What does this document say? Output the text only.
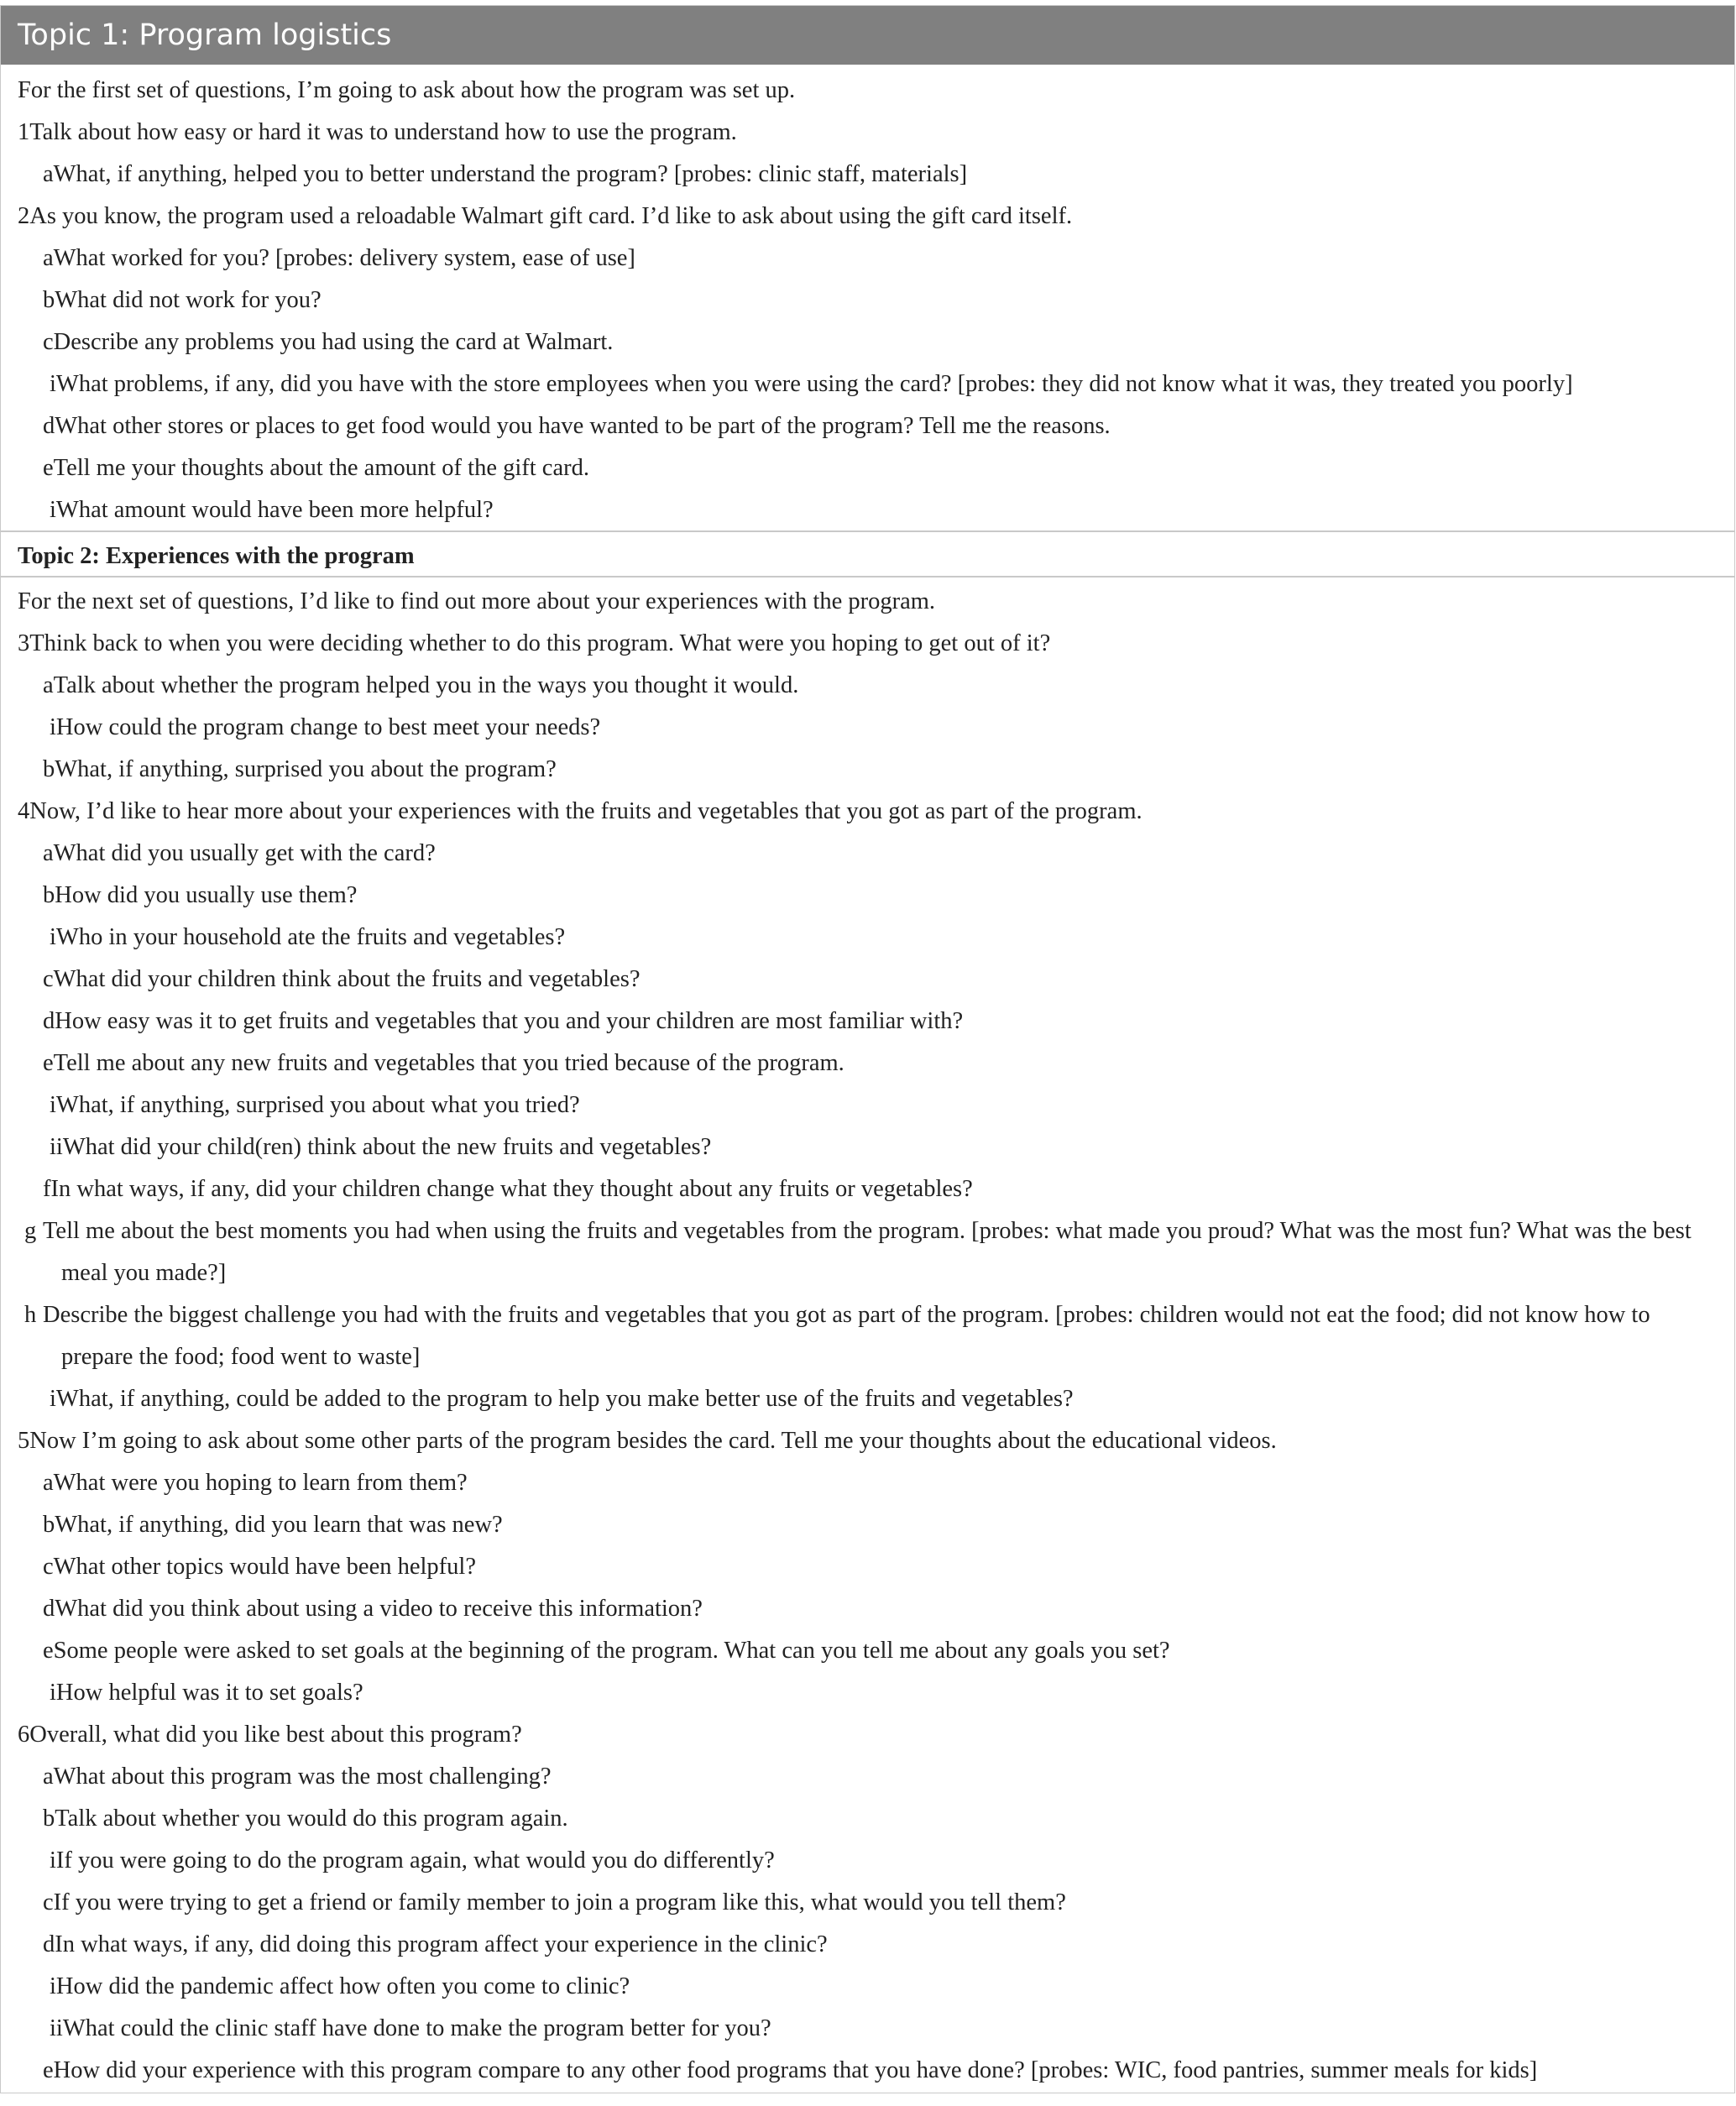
Topic 1: Program logistics
For the first set of questions, I’m going to ask about how the program was set up.
1Talk about how easy or hard it was to understand how to use the program.
aWhat, if anything, helped you to better understand the program? [probes: clinic staff, materials]
2As you know, the program used a reloadable Walmart gift card. I’d like to ask about using the gift card itself.
aWhat worked for you? [probes: delivery system, ease of use]
bWhat did not work for you?
cDescribe any problems you had using the card at Walmart.
iWhat problems, if any, did you have with the store employees when you were using the card? [probes: they did not know what it was, they treated you poorly]
dWhat other stores or places to get food would you have wanted to be part of the program? Tell me the reasons.
eTell me your thoughts about the amount of the gift card.
iWhat amount would have been more helpful?
Topic 2: Experiences with the program
For the next set of questions, I’d like to find out more about your experiences with the program.
3Think back to when you were deciding whether to do this program. What were you hoping to get out of it?
aTalk about whether the program helped you in the ways you thought it would.
iHow could the program change to best meet your needs?
bWhat, if anything, surprised you about the program?
4Now, I’d like to hear more about your experiences with the fruits and vegetables that you got as part of the program.
aWhat did you usually get with the card?
bHow did you usually use them?
iWho in your household ate the fruits and vegetables?
cWhat did your children think about the fruits and vegetables?
dHow easy was it to get fruits and vegetables that you and your children are most familiar with?
eTell me about any new fruits and vegetables that you tried because of the program.
iWhat, if anything, surprised you about what you tried?
iiWhat did your child(ren) think about the new fruits and vegetables?
fIn what ways, if any, did your children change what they thought about any fruits or vegetables?
gTell me about the best moments you had when using the fruits and vegetables from the program. [probes: what made you proud? What was the most fun? What was the best meal you made?]
hDescribe the biggest challenge you had with the fruits and vegetables that you got as part of the program. [probes: children would not eat the food; did not know how to prepare the food; food went to waste]
iWhat, if anything, could be added to the program to help you make better use of the fruits and vegetables?
5Now I’m going to ask about some other parts of the program besides the card. Tell me your thoughts about the educational videos.
aWhat were you hoping to learn from them?
bWhat, if anything, did you learn that was new?
cWhat other topics would have been helpful?
dWhat did you think about using a video to receive this information?
eSome people were asked to set goals at the beginning of the program. What can you tell me about any goals you set?
iHow helpful was it to set goals?
6Overall, what did you like best about this program?
aWhat about this program was the most challenging?
bTalk about whether you would do this program again.
iIf you were going to do the program again, what would you do differently?
cIf you were trying to get a friend or family member to join a program like this, what would you tell them?
dIn what ways, if any, did doing this program affect your experience in the clinic?
iHow did the pandemic affect how often you come to clinic?
iiWhat could the clinic staff have done to make the program better for you?
eHow did your experience with this program compare to any other food programs that you have done? [probes: WIC, food pantries, summer meals for kids]
